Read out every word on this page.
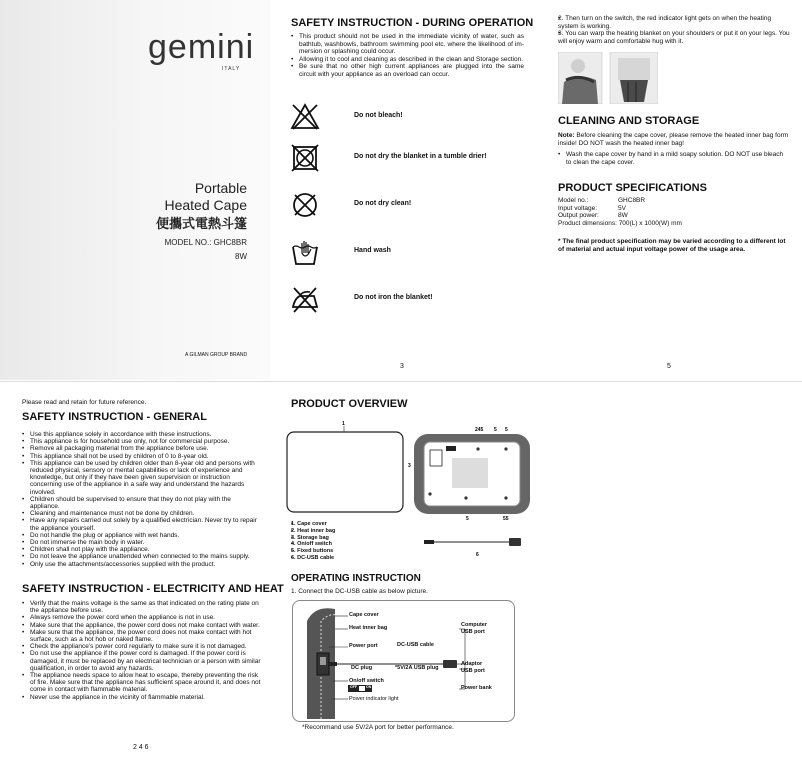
gemini
ITALY
Portable
Heated Cape
便攜式電熱斗篷
MODEL NO.: GHC8BR
8W
A GILMAN GROUP BRAND
SAFETY INSTRUCTION - DURING OPERATION
• This product should not be used in the immediate vicinity of water, such as bathtub, washbowls, bathroom swimming pool etc. where the likelihood of im-mersion or splashing could occur.
• Allowing it to cool and cleaning as described in the clean and Storage section.
• Be sure that no other high current appliances are plugged into the same circuit with your appliance as an overload can occur.
Do not bleach!
Do not dry the blanket in a tumble drier!
Do not dry clean!
Hand wash
Do not iron the blanket!
3
• 2. Then turn on the switch, the red indicator light gets on when the heating system is working.
• 3. You can warp the heating blanket on your shoulders or put it on your legs. You will enjoy warm and comfortable hug with it.
CLEANING AND STORAGE
Note: Before cleaning the cape cover, please remove the heated inner bag form inside! DO NOT wash the heated inner bag!
• Wash the cape cover by hand in a mild soapy solution. DO NOT use bleach to clean the cape cover.
PRODUCT SPECIFICATIONS
Model no.:	GHC8BR
Input voltage:	5V
Output power:	8W
Product dimensions: 700(L) x 1000(W) mm
* The final product specification may be varied according to a different lot of material and actual input voltage power of the usage area.
5
Please read and retain for future reference.
SAFETY INSTRUCTION - GENERAL
• Use this appliance solely in accordance with these instructions.
• This appliance is for household use only, not for commercial purpose.
• Remove all packaging material from the appliance before use.
• This appliance shall not be used by children of 0 to 8-year old.
• This appliance can be used by children older than 8-year old and persons with reduced physical, sensory or mental capabilities or lack of experience and knowledge, but only if they have been given supervision or instruction concerning use of the appliance in a safe way and understand the hazards involved.
• Children should be supervised to ensure that they do not play with the appliance.
• Cleaning and maintenance must not be done by children.
• Have any repairs carried out solely by a qualified electrician. Never try to repair the appliance yourself.
• Do not handle the plug or appliance with wet hands.
• Do not immerse the main body in water.
• Children shall not play with the appliance.
• Do not leave the appliance unattended when connected to the mains supply.
• Only use the attachments/accessories supplied with the product.
SAFETY INSTRUCTION - ELECTRICITY AND HEAT
• Verify that the mains voltage is the same as that indicated on the rating plate on the appliance before use.
• Always remove the power cord when the appliance is not in use.
• Make sure that the appliance, the power cord does not make contact with water.
• Make sure that the appliance, the power cord does not make contact with hot surface, such as a hot hob or naked flame.
• Check the appliance's power cord regularly to make sure it is not damaged.
• Do not use the appliance if the power cord is damaged. If the power cord is damaged, it must be replaced by an electrical technician or a person with similar qualification, in order to avoid any hazards.
• The appliance needs space to allow heat to escape, thereby preventing the risk of fire. Make sure that the appliance has sufficient space around it, and does not come in contact with flammable material.
• Never use the appliance in the vicinity of flammable material.
2 4 6
PRODUCT OVERVIEW
1
245 5 5
3
5	55
6
• 1. Cape cover
• 2. Heat inner bag
• 3. Storage bag
• 4. On/off switch
• 5. Fixed buttons
• 6. DC-USB cable
OPERATING INSTRUCTION
1. Connect the DC-USB cable as below picture.
Cape cover
Heat inner bag
Power port	DC-USB cable
DC plug	*5V/2A USB plug
On/off switch
OFF	ON
Power indicator light
Computer
USB port
Adaptor
USB port
Power bank
*Recommand use 5V/2A port for better performance.
